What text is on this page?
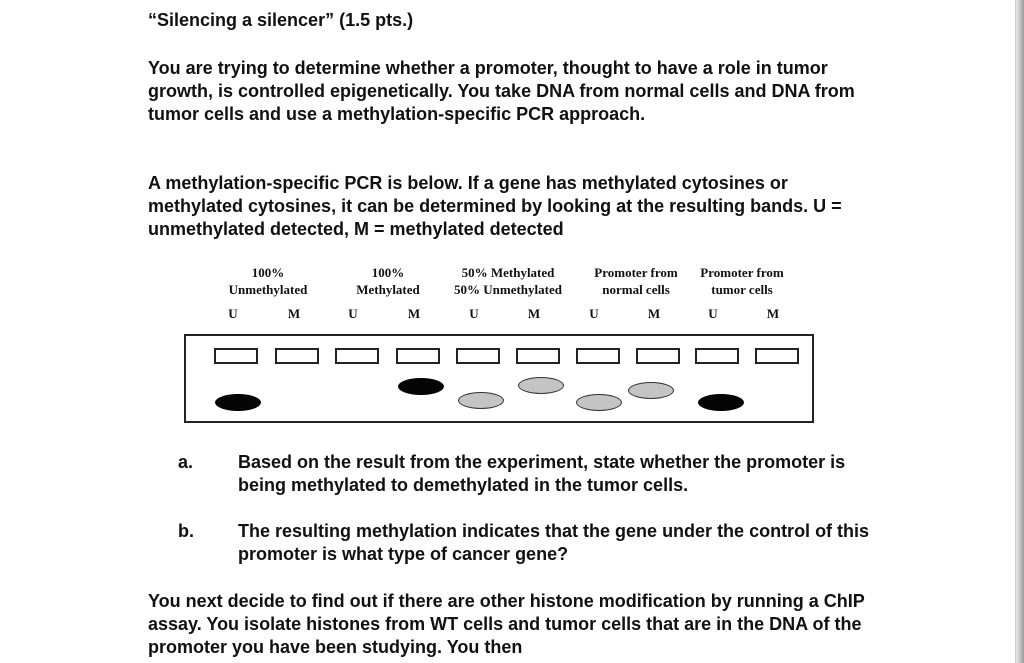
“Silencing a silencer” (1.5 pts.)
You are trying to determine whether a promoter, thought to have a role in tumor growth, is controlled epigenetically. You take DNA from normal cells and DNA from tumor cells and use a methylation-specific PCR approach.
A methylation-specific PCR is below. If a gene has methylated cytosines or methylated cytosines, it can be determined by looking at the resulting bands. U = unmethylated detected, M = methylated detected
100%
Unmethylated
100%
Methylated
50% Methylated
50% Unmethylated
Promoter from
normal cells
Promoter from
tumor cells
U	M	U	M	U	M	U	M	U	M
a. Based on the result from the experiment, state whether the promoter is being methylated to demethylated in the tumor cells.
b. The resulting methylation indicates that the gene under the control of this promoter is what type of cancer gene?
You next decide to find out if there are other histone modification by running a ChIP assay. You isolate histones from WT cells and tumor cells that are in the DNA of the promoter you have been studying. You then
